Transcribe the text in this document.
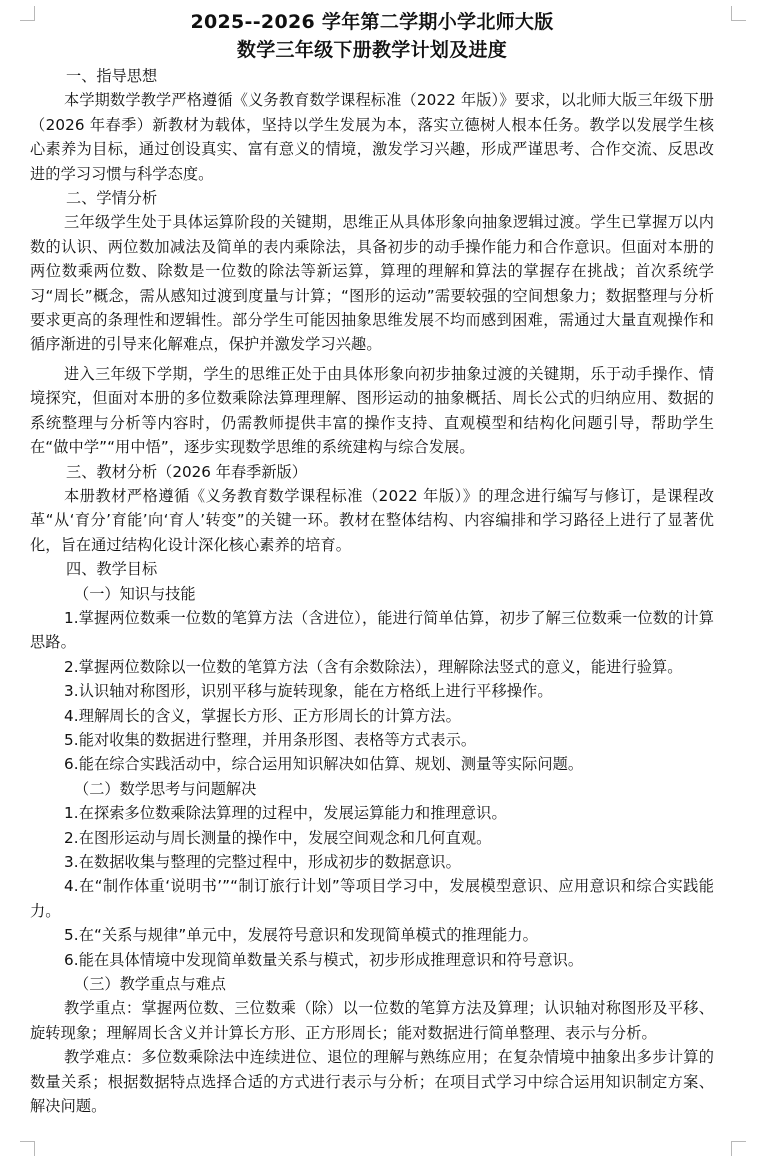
2025--2026 学年第二学期小学北师大版
数学三年级下册教学计划及进度

一、指导思想

本学期数学教学严格遵循《义务教育数学课程标准（2022 年版）》要求，以北师大版三年级下册（2026 年春季）新教材为载体，坚持以学生发展为本，落实立德树人根本任务。教学以发展学生核心素养为目标，通过创设真实、富有意义的情境，激发学习兴趣，形成严谨思考、合作交流、反思改进的学习习惯与科学态度。

二、学情分析

三年级学生处于具体运算阶段的关键期，思维正从具体形象向抽象逻辑过渡。学生已掌握万以内数的认识、两位数加减法及简单的表内乘除法，具备初步的动手操作能力和合作意识。但面对本册的两位数乘两位数、除数是一位数的除法等新运算，算理的理解和算法的掌握存在挑战；首次系统学习“周长”概念，需从感知过渡到度量与计算；“图形的运动”需要较强的空间想象力；数据整理与分析要求更高的条理性和逻辑性。部分学生可能因抽象思维发展不均而感到困难，需通过大量直观操作和循序渐进的引导来化解难点，保护并激发学习兴趣。

进入三年级下学期，学生的思维正处于由具体形象向初步抽象过渡的关键期，乐于动手操作、情境探究，但面对本册的多位数乘除法算理理解、图形运动的抽象概括、周长公式的归纳应用、数据的系统整理与分析等内容时，仍需教师提供丰富的操作支持、直观模型和结构化问题引导，帮助学生在“做中学”“用中悟”，逐步实现数学思维的系统建构与综合发展。

三、教材分析（2026 年春季新版）

本册教材严格遵循《义务教育数学课程标准（2022 年版）》的理念进行编写与修订，是课程改革“从‘育分’育能’向‘育人’转变”的关键一环。教材在整体结构、内容编排和学习路径上进行了显著优化，旨在通过结构化设计深化核心素养的培育。

四、教学目标

（一）知识与技能

1.掌握两位数乘一位数的笔算方法（含进位），能进行简单估算，初步了解三位数乘一位数的计算思路。

2.掌握两位数除以一位数的笔算方法（含有余数除法），理解除法竖式的意义，能进行验算。

3.认识轴对称图形，识别平移与旋转现象，能在方格纸上进行平移操作。

4.理解周长的含义，掌握长方形、正方形周长的计算方法。

5.能对收集的数据进行整理，并用条形图、表格等方式表示。

6.能在综合实践活动中，综合运用知识解决如估算、规划、测量等实际问题。

（二）数学思考与问题解决

1.在探索多位数乘除法算理的过程中，发展运算能力和推理意识。

2.在图形运动与周长测量的操作中，发展空间观念和几何直观。

3.在数据收集与整理的完整过程中，形成初步的数据意识。

4.在“制作体重‘说明书’”“制订旅行计划”等项目学习中，发展模型意识、应用意识和综合实践能力。

5.在“关系与规律”单元中，发展符号意识和发现简单模式的推理能力。

6.能在具体情境中发现简单数量关系与模式，初步形成推理意识和符号意识。

（三）教学重点与难点

教学重点：掌握两位数、三位数乘（除）以一位数的笔算方法及算理；认识轴对称图形及平移、旋转现象；理解周长含义并计算长方形、正方形周长；能对数据进行简单整理、表示与分析。

教学难点：多位数乘除法中连续进位、退位的理解与熟练应用；在复杂情境中抽象出多步计算的数量关系；根据数据特点选择合适的方式进行表示与分析；在项目式学习中综合运用知识制定方案、解决问题。
